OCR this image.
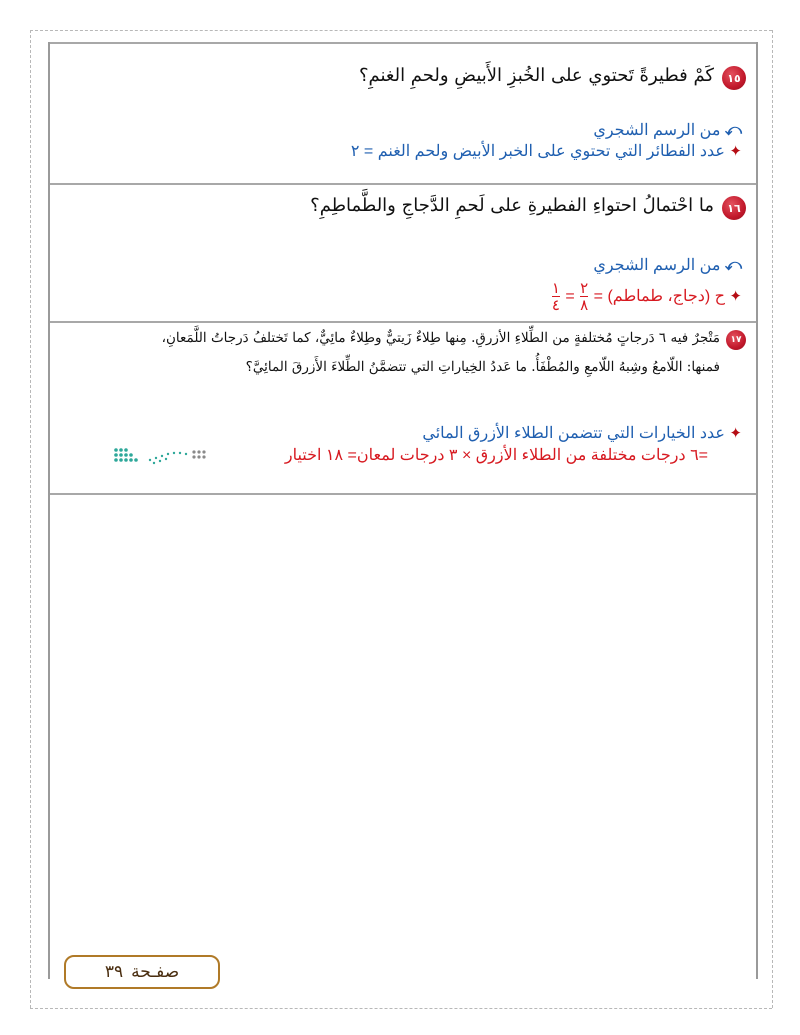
١٥
كَمْ فطيرةً تَحتوي على الخُبزِ الأَبيضِ ولحمِ الغنمِ؟
⤺ من الرسم الشجري
✦ عدد الفطائر التي تحتوي على الخبر الأبيض ولحم الغنم = ٢
١٦
ما احْتمالُ احتواءِ الفطيرةِ على لَحمِ الدَّجاجِ والطَّماطِمِ؟
⤺ من الرسم الشجري
✦ ح (دجاج، طماطم) =
$\frac{٢}{٨}$
=
$\frac{١}{٤}$
١٧
مَتْجرٌ فيه ٦ دَرجاتٍ مُختلفةٍ من الطِّلاءِ الأزرقِ. مِنها طِلاءٌ زَيتيٌّ وطِلاءٌ مائِيٌّ، كما تَختلفُ دَرجاتُ اللَّمَعانِ،
فمنها: اللّامعُ وشِبهُ اللّامعِ والمُطْفَأُ. ما عَددُ الخِياراتِ التي تتضمَّنُ الطِّلاءَ الأَزرقَ المائِيَّ؟
✦ عدد الخيارات التي تتضمن الطلاء الأزرق المائي
=٦ درجات مختلفة من الطلاء الأزرق × ٣ درجات لمعان= ١٨ اختيار
صفـحة
٣٩
